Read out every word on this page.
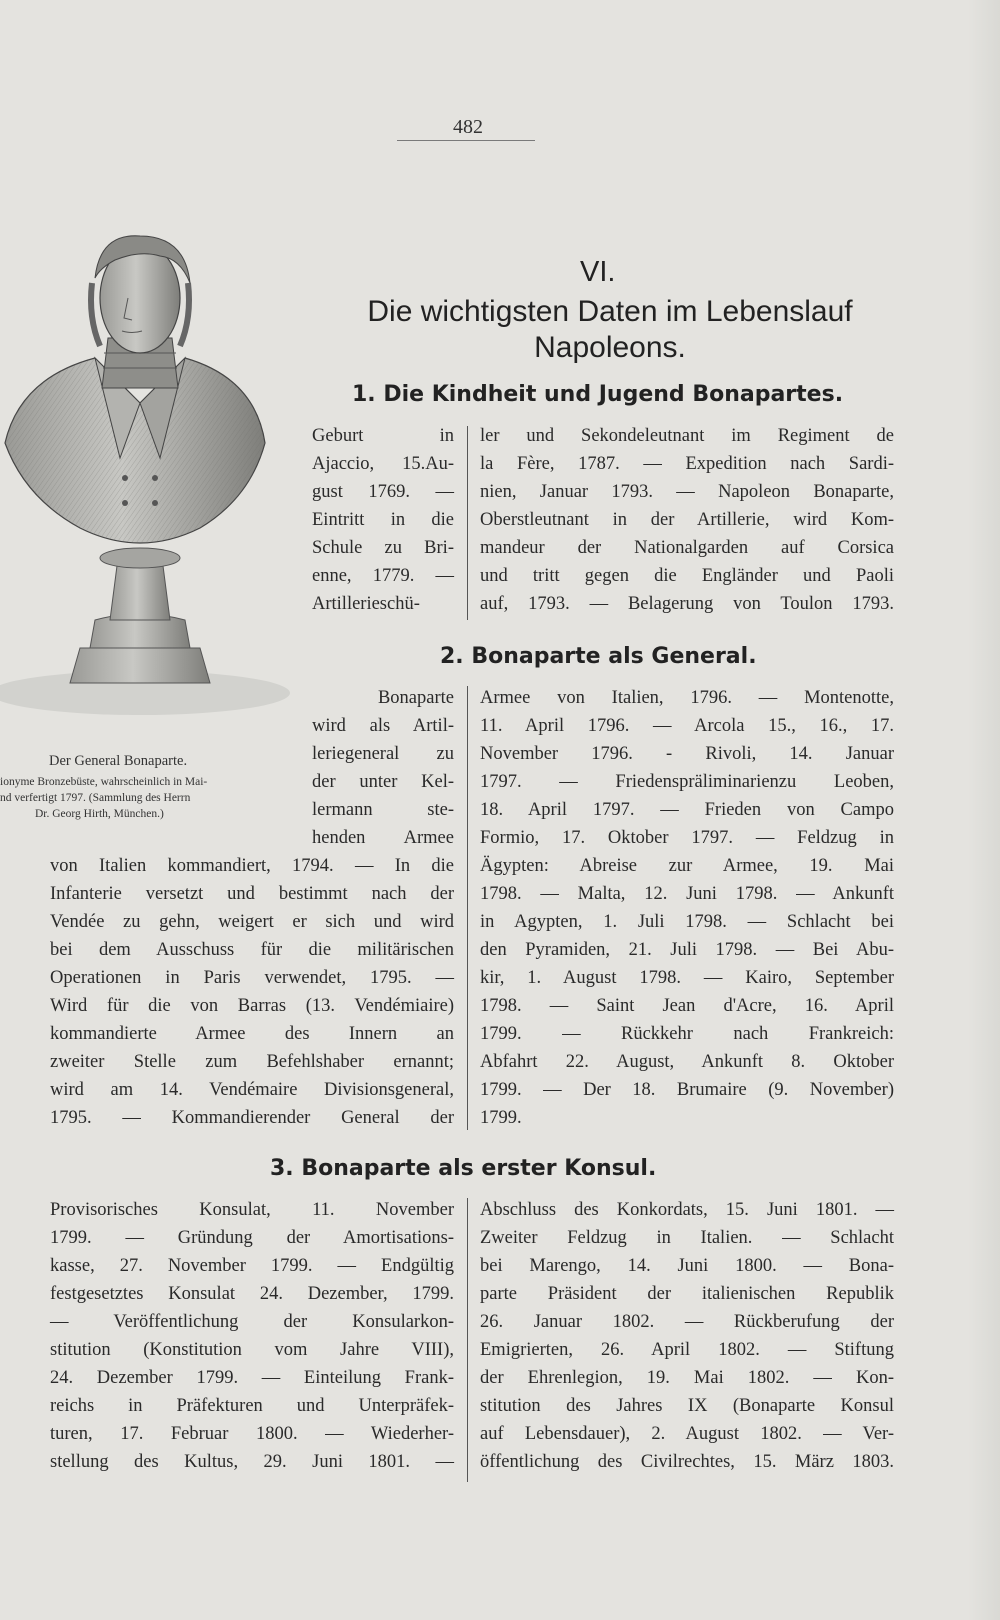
482
VI.
Die wichtigsten Daten im Lebenslauf
Napoleons.
Der General Bonaparte.
ionyme Bronzebüste, wahrscheinlich in Mai-
nd verfertigt 1797. (Sammlung des Herrn
Dr. Georg Hirth, München.)
1. Die Kindheit und Jugend Bonapartes.
Geburt in
Ajaccio, 15.Au-
gust 1769. —
Eintritt in die
Schule zu Bri-
enne, 1779. —
Artillerieschü-
ler und Sekondeleutnant im Regiment de
la Fère, 1787. — Expedition nach Sardi-
nien, Januar 1793. — Napoleon Bonaparte,
Oberstleutnant in der Artillerie, wird Kom-
mandeur der Nationalgarden auf Corsica
und tritt gegen die Engländer und Paoli
auf, 1793. — Belagerung von Toulon 1793.
2. Bonaparte als General.
Bonaparte
wird als Artil-
leriegeneral zu
der unter Kel-
lermann ste-
henden Armee
von Italien kommandiert, 1794. — In die
Infanterie versetzt und bestimmt nach der
Vendée zu gehn, weigert er sich und wird
bei dem Ausschuss für die militärischen
Operationen in Paris verwendet, 1795. —
Wird für die von Barras (13. Vendémiaire)
kommandierte Armee des Innern an
zweiter Stelle zum Befehlshaber ernannt;
wird am 14. Vendémaire Divisionsgeneral,
1795. — Kommandierender General der
Armee von Italien, 1796. — Montenotte,
11. April 1796. — Arcola 15., 16., 17.
November 1796. - Rivoli, 14. Januar
1797. — Friedenspräliminarienzu Leoben,
18. April 1797. — Frieden von Campo
Formio, 17. Oktober 1797. — Feldzug in
Ägypten: Abreise zur Armee, 19. Mai
1798. — Malta, 12. Juni 1798. — Ankunft
in Agypten, 1. Juli 1798. — Schlacht bei
den Pyramiden, 21. Juli 1798. — Bei Abu-
kir, 1. August 1798. — Kairo, September
1798. — Saint Jean d'Acre, 16. April
1799. — Rückkehr nach Frankreich:
Abfahrt 22. August, Ankunft 8. Oktober
1799. — Der 18. Brumaire (9. November)
1799.
3. Bonaparte als erster Konsul.
Provisorisches Konsulat, 11. November
1799. — Gründung der Amortisations-
kasse, 27. November 1799. — Endgültig
festgesetztes Konsulat 24. Dezember, 1799.
— Veröffentlichung der Konsularkon-
stitution (Konstitution vom Jahre VIII),
24. Dezember 1799. — Einteilung Frank-
reichs in Präfekturen und Unterpräfek-
turen, 17. Februar 1800. — Wiederher-
stellung des Kultus, 29. Juni 1801. —
Abschluss des Konkordats, 15. Juni 1801. —
Zweiter Feldzug in Italien. — Schlacht
bei Marengo, 14. Juni 1800. — Bona-
parte Präsident der italienischen Republik
26. Januar 1802. — Rückberufung der
Emigrierten, 26. April 1802. — Stiftung
der Ehrenlegion, 19. Mai 1802. — Kon-
stitution des Jahres IX (Bonaparte Konsul
auf Lebensdauer), 2. August 1802. — Ver-
öffentlichung des Civilrechtes, 15. März 1803.
